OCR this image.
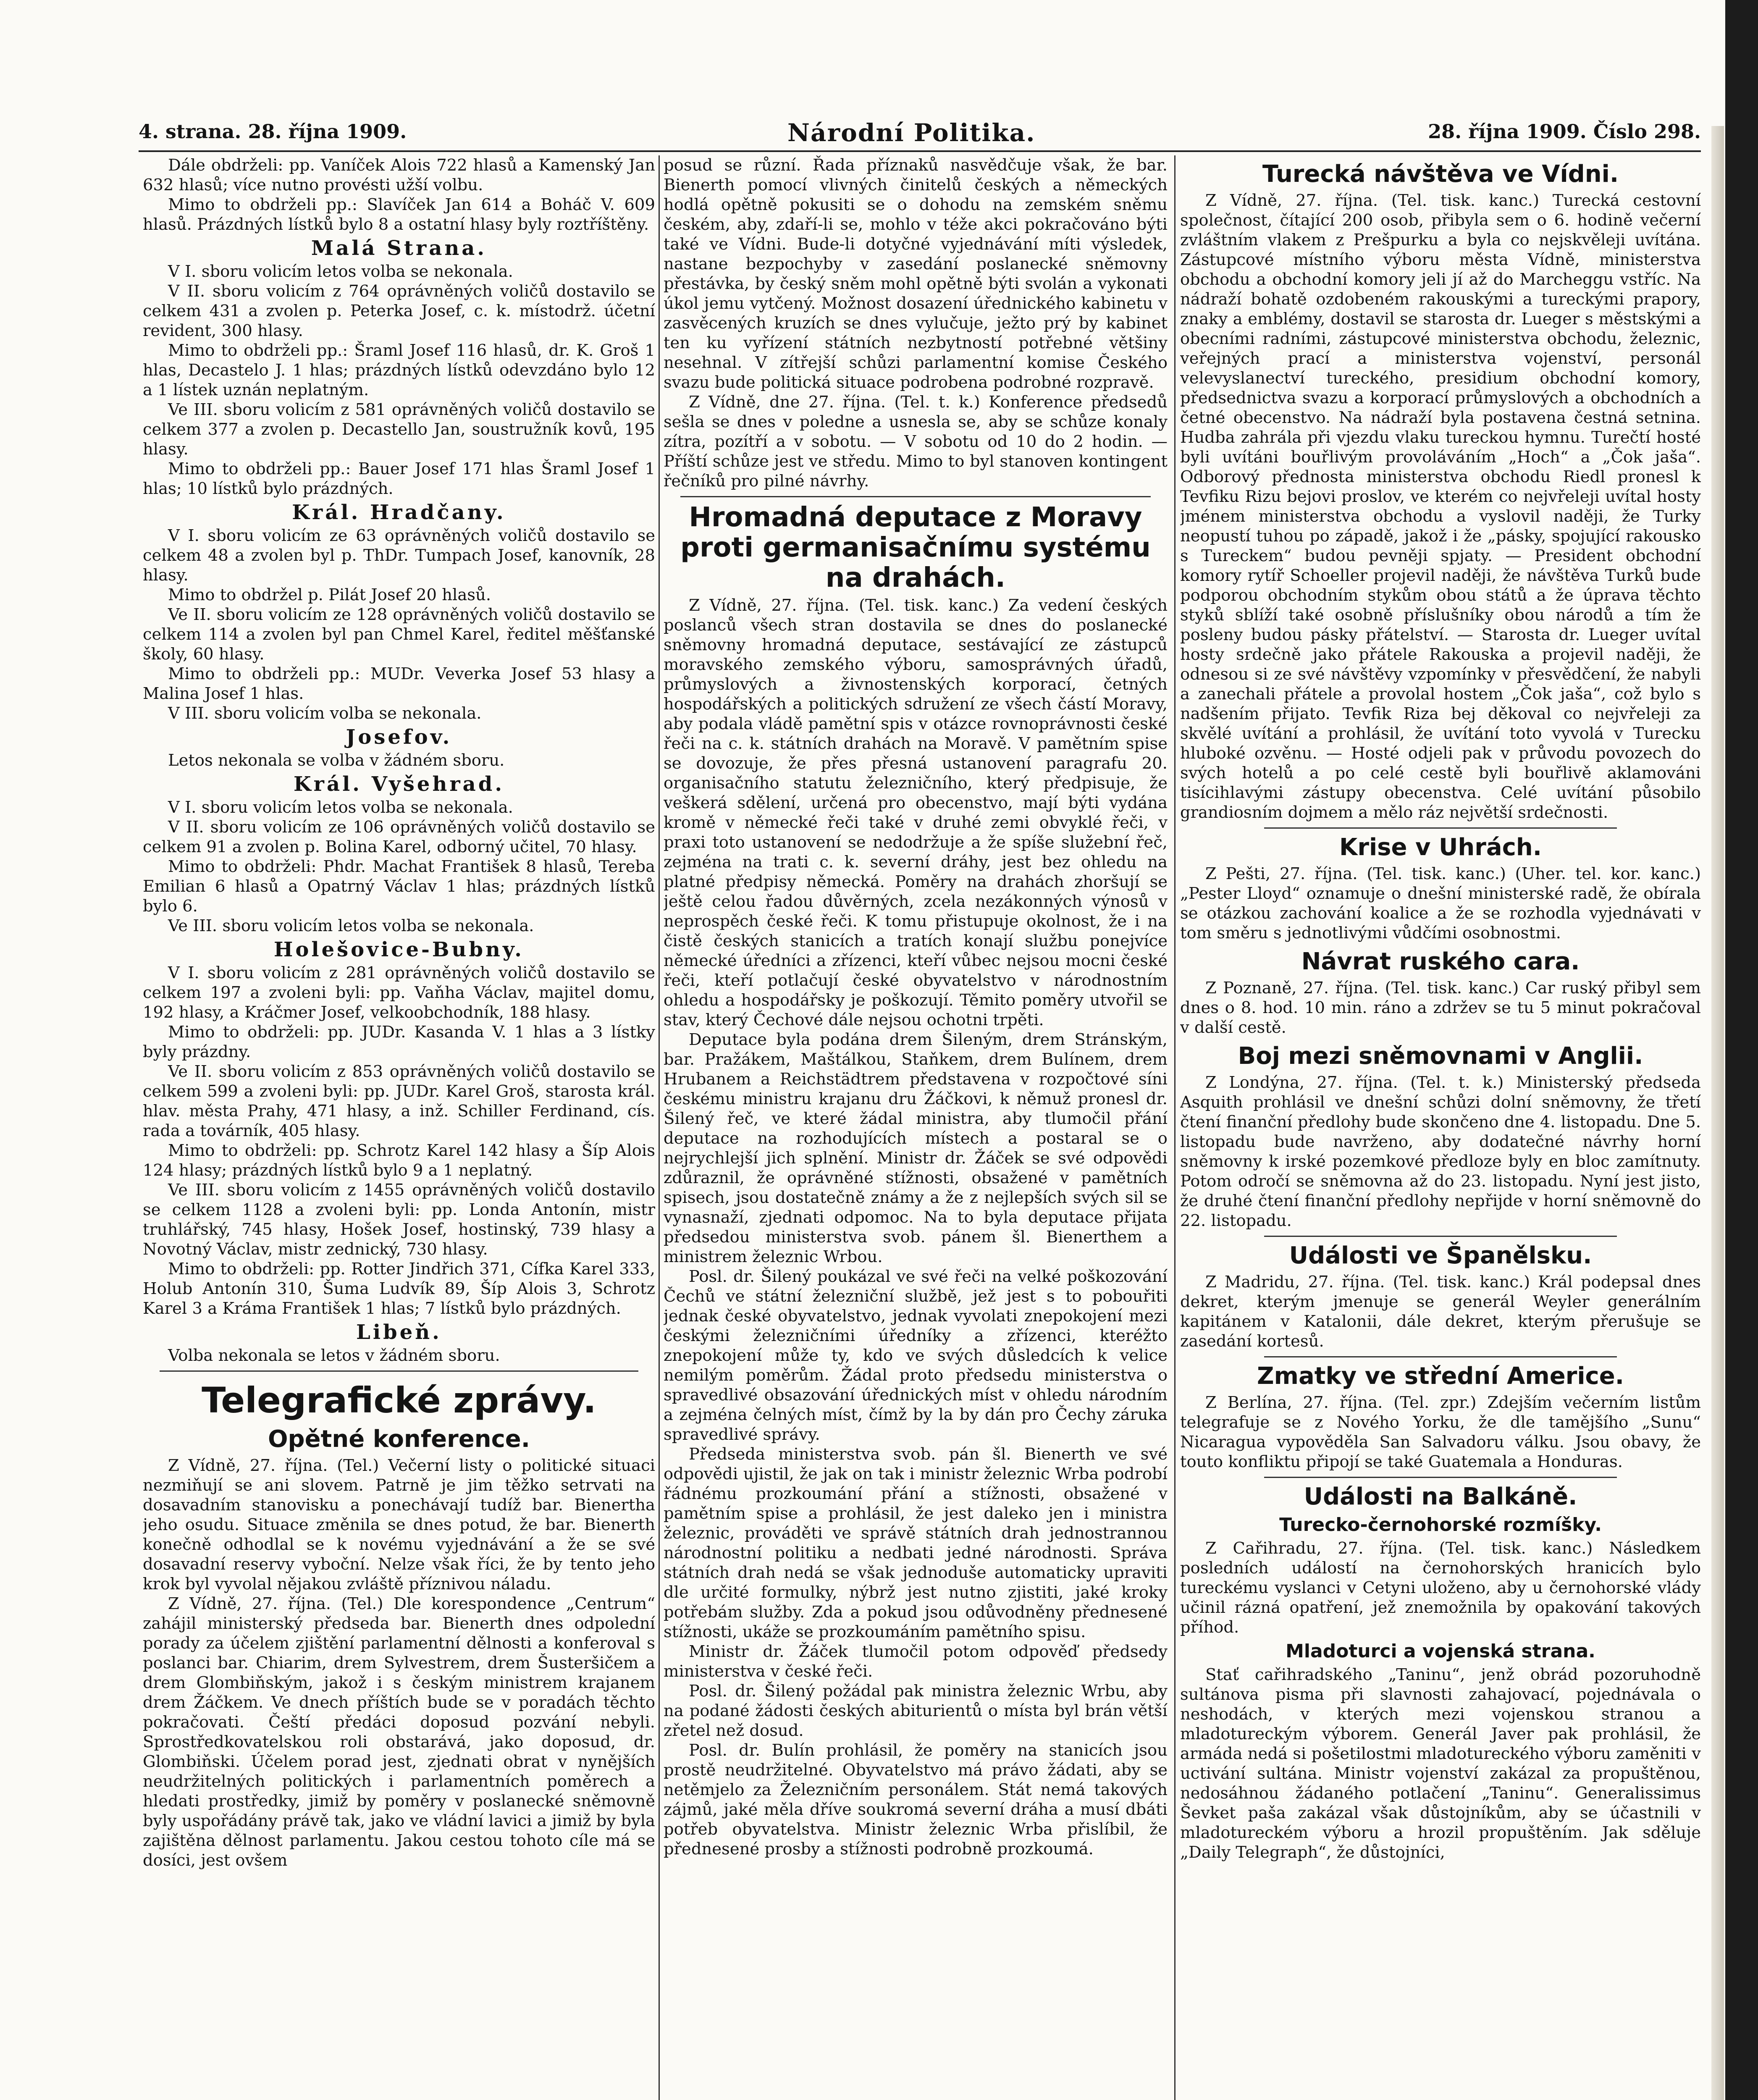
4. strana. 28. října 1909.	Národní Politika.	28. října 1909. Číslo 298.

Dále obdrželi: pp. Vaníček Alois 722 hlasů a Kamenský Jan 632 hlasů; více nutno provésti užší volbu.

Mimo to obdrželi pp.: Slavíček Jan 614 a Boháč V. 609 hlasů. Prázdných lístků bylo 8 a ostatní hlasy byly roztříštěny.

Malá Strana.

V I. sboru volicím letos volba se nekonala.

V II. sboru volicím z 764 oprávněných voličů dostavilo se celkem 431 a zvolen p. Peterka Josef, c. k. místodrž. účetní revident, 300 hlasy.

Mimo to obdrželi pp.: Šraml Josef 116 hlasů, dr. K. Groš 1 hlas, Decastelo J. 1 hlas; prázdných lístků odevzdáno bylo 12 a 1 lístek uznán neplatným.

Ve III. sboru volicím z 581 oprávněných voličů dostavilo se celkem 377 a zvolen p. Decastello Jan, soustružník kovů, 195 hlasy.

Mimo to obdrželi pp.: Bauer Josef 171 hlas Šraml Josef 1 hlas; 10 lístků bylo prázdných.

Král. Hradčany.

V I. sboru volicím ze 63 oprávněných voličů dostavilo se celkem 48 a zvolen byl p. ThDr. Tumpach Josef, kanovník, 28 hlasy.

Mimo to obdržel p. Pilát Josef 20 hlasů.

Ve II. sboru volicím ze 128 oprávněných voličů dostavilo se celkem 114 a zvolen byl pan Chmel Karel, ředitel měšťanské školy, 60 hlasy.

Mimo to obdrželi pp.: MUDr. Veverka Josef 53 hlasy a Malina Josef 1 hlas.

V III. sboru volicím volba se nekonala.

Josefov.

Letos nekonala se volba v žádném sboru.

Král. Vyšehrad.

V I. sboru volicím letos volba se nekonala.

V II. sboru volicím ze 106 oprávněných voličů dostavilo se celkem 91 a zvolen p. Bolina Karel, odborný učitel, 70 hlasy.

Mimo to obdrželi: Phdr. Machat František 8 hlasů, Tereba Emilian 6 hlasů a Opatrný Václav 1 hlas; prázdných lístků bylo 6.

Ve III. sboru volicím letos volba se nekonala.

Holešovice-Bubny.

V I. sboru volicím z 281 oprávněných voličů dostavilo se celkem 197 a zvoleni byli: pp. Vaňha Václav, majitel domu, 192 hlasy, a Kráčmer Josef, velkoobchodník, 188 hlasy.

Mimo to obdrželi: pp. JUDr. Kasanda V. 1 hlas a 3 lístky byly prázdny.

Ve II. sboru volicím z 853 oprávněných voličů dostavilo se celkem 599 a zvoleni byli: pp. JUDr. Karel Groš, starosta král. hlav. města Prahy, 471 hlasy, a inž. Schiller Ferdinand, cís. rada a továrník, 405 hlasy.

Mimo to obdrželi: pp. Schrotz Karel 142 hlasy a Šíp Alois 124 hlasy; prázdných lístků bylo 9 a 1 neplatný.

Ve III. sboru volicím z 1455 oprávněných voličů dostavilo se celkem 1128 a zvoleni byli: pp. Londa Antonín, mistr truhlářský, 745 hlasy, Hošek Josef, hostinský, 739 hlasy a Novotný Václav, mistr zednický, 730 hlasy.

Mimo to obdrželi: pp. Rotter Jindřich 371, Cífka Karel 333, Holub Antonín 310, Šuma Ludvík 89, Šíp Alois 3, Schrotz Karel 3 a Kráma František 1 hlas; 7 lístků bylo prázdných.

Libeň.

Volba nekonala se letos v žádném sboru.

Telegrafické zprávy.
Opětné konference.

Z Vídně, 27. října. (Tel.) Večerní listy o politické situaci nezmiňují se ani slovem. Patrně je jim těžko setrvati na dosavadním stanovisku a ponechávají tudíž bar. Bienertha jeho osudu. Situace změnila se dnes potud, že bar. Bienerth konečně odhodlal se k novému vyjednávání a že se své dosavadní reservy vyboční. Nelze však říci, že by tento jeho krok byl vyvolal nějakou zvláště příznivou náladu.

Z Vídně, 27. října. (Tel.) Dle korespondence „Centrum“ zahájil ministerský předseda bar. Bienerth dnes odpolední porady za účelem zjištění parlamentní dělnosti a konferoval s poslanci bar. Chiarim, drem Sylvestrem, drem Šusteršičem a drem Glombiňským, jakož i s českým ministrem krajanem drem Žáčkem. Ve dnech příštích bude se v poradách těchto pokračovati. Čeští předáci doposud pozvání nebyli. Sprostředkovatelskou roli obstarává, jako doposud, dr. Glombiňski. Účelem porad jest, zjednati obrat v nynějších neudržitelných politických i parlamentních poměrech a hledati prostředky, jimiž by poměry v poslanecké sněmovně byly uspořádány právě tak, jako ve vládní lavici a jimiž by byla zajištěna dělnost parlamentu. Jakou cestou tohoto cíle má se dosíci, jest ovšem

posud se různí. Řada příznaků nasvědčuje však, že bar. Bienerth pomocí vlivných činitelů českých a německých hodlá opětně pokusiti se o dohodu na zemském sněmu českém, aby, zdaří-li se, mohlo v téže akci pokračováno býti také ve Vídni. Bude-li dotyčné vyjednávání míti výsledek, nastane bezpochyby v zasedání poslanecké sněmovny přestávka, by český sněm mohl opětně býti svolán a vykonati úkol jemu vytčený. Možnost dosazení úřednického kabinetu v zasvěcených kruzích se dnes vylučuje, ježto prý by kabinet ten ku vyřízení státních nezbytností potřebné většiny nesehnal. V zítřejší schůzi parlamentní komise Českého svazu bude politická situace podrobena podrobné rozpravě.

Z Vídně, dne 27. října. (Tel. t. k.) Konference předsedů sešla se dnes v poledne a usnesla se, aby se schůze konaly zítra, pozítří a v sobotu. — V sobotu od 10 do 2 hodin. — Příští schůze jest ve středu. Mimo to byl stanoven kontingent řečníků pro pilné návrhy.

Hromadná deputace z Moravy proti germanisačnímu systému na drahách.

Z Vídně, 27. října. (Tel. tisk. kanc.) Za vedení českých poslanců všech stran dostavila se dnes do poslanecké sněmovny hromadná deputace, sestávající ze zástupců moravského zemského výboru, samosprávných úřadů, průmyslových a živnostenských korporací, četných hospodářských a politických sdružení ze všech částí Moravy, aby podala vládě pamětní spis v otázce rovnoprávnosti české řeči na c. k. státních drahách na Moravě. V pamětním spise se dovozuje, že přes přesná ustanovení paragrafu 20. organisačního statutu železničního, který předpisuje, že veškerá sdělení, určená pro obecenstvo, mají býti vydána kromě v německé řeči také v druhé zemi obvyklé řeči, v praxi toto ustanovení se nedodržuje a že spíše služební řeč, zejména na trati c. k. severní dráhy, jest bez ohledu na platné předpisy německá. Poměry na drahách zhoršují se ještě celou řadou důvěrných, zcela nezákonných výnosů v neprospěch české řeči. K tomu přistupuje okolnost, že i na čistě českých stanicích a tratích konají službu ponejvíce německé úředníci a zřízenci, kteří vůbec nejsou mocni české řeči, kteří potlačují české obyvatelstvo v národnostním ohledu a hospodářsky je poškozují. Těmito poměry utvořil se stav, který Čechové dále nejsou ochotni trpěti.

Deputace byla podána drem Šileným, drem Stránským, bar. Pražákem, Maštálkou, Staňkem, drem Bulínem, drem Hrubanem a Reichstädtrem představena v rozpočtové síni českému ministru krajanu dru Žáčkovi, k němuž pronesl dr. Šilený řeč, ve které žádal ministra, aby tlumočil přání deputace na rozhodujících místech a postaral se o nejrychlejší jich splnění. Ministr dr. Žáček se své odpovědi zdůraznil, že oprávněné stížnosti, obsažené v pamětních spisech, jsou dostatečně známy a že z nejlepších svých sil se vynasnaží, zjednati odpomoc. Na to byla deputace přijata předsedou ministerstva svob. pánem šl. Bienerthem a ministrem železnic Wrbou.

Posl. dr. Šilený poukázal ve své řeči na velké poškozování Čechů ve státní železniční službě, jež jest s to pobouřiti jednak české obyvatelstvo, jednak vyvolati znepokojení mezi českými železničními úředníky a zřízenci, kteréžto znepokojení může ty, kdo ve svých důsledcích k velice nemilým poměrům. Žádal proto předsedu ministerstva o spravedlivé obsazování úřednických míst v ohledu národním a zejména čelných míst, čímž by la by dán pro Čechy zárukа spravedlivé správy.

Předseda ministerstva svob. pán šl. Bienerth ve své odpovědi ujistil, že jak on tak i ministr železnic Wrba podrobí řádnému prozkoumání přání a stížnosti, obsažené v pamětním spise a prohlásil, že jest daleko jen i ministra železnic, prováděti ve správě státních drah jednostrannou národnostní politiku a nedbati jedné národnosti. Správa státních drah nedá se však jednoduše automaticky upraviti dle určité formulky, nýbrž jest nutno zjistiti, jaké kroky potřebám služby. Zda a pokud jsou odůvodněny přednesené stížnosti, ukáže se prozkoumáním pamětního spisu.

Ministr dr. Žáček tlumočil potom odpověď předsedy ministerstva v české řeči.

Posl. dr. Šilený požádal pak ministra železnic Wrbu, aby na podané žádosti českých abiturientů o místa byl brán větší zřetel než dosud.

Posl. dr. Bulín prohlásil, že poměry na stanicích jsou prostě neudržitelné. Obyvatelstvo má právo žádati, aby se netěmjelo za Železničním personálem. Stát nemá takových zájmů, jaké měla dříve soukromá severní dráha a musí dbáti potřeb obyvatelstva. Ministr železnic Wrba přislíbil, že přednesené prosby a stížnosti podrobně prozkoumá.

Turecká návštěva ve Vídni.

Z Vídně, 27. října. (Tel. tisk. kanc.) Turecká cestovní společnost, čítající 200 osob, přibyla sem o 6. hodině večerní zvláštním vlakem z Prešpurku a byla co nejskvěleji uvítána. Zástupcové místního výboru města Vídně, ministerstva obchodu a obchodní komory jeli jí až do Marcheggu vstříc. Na nádraží bohatě ozdobeném rakouskými a tureckými prapory, znaky a emblémy, dostavil se starosta dr. Lueger s městskými a obecními radními, zástupcové ministerstva obchodu, železnic, veřejných prací a ministerstva vojenství, personál velevyslanectví tureckého, presidium obchodní komory, předsednictva svazu a korporací průmyslových a obchodních a četné obecenstvo. Na nádraží byla postavena čestná setnina. Hudba zahrála při vjezdu vlaku tureckou hymnu. Turečtí hosté byli uvítáni bouřlivým provoláváním „Hoch“ a „Čok jaša“. Odborový přednosta ministerstva obchodu Riedl pronesl k Tevfiku Rizu bejovi proslov, ve kterém co nejvřeleji uvítal hosty jménem ministerstva obchodu a vyslovil naději, že Turky neopustí tuhou po západě, jakož i že „pásky, spojující rakousko s Tureckem“ budou pevněji spjaty. — President obchodní komory rytíř Schoeller projevil naději, že návštěva Turků bude podporou obchodním stykům obou států a že úprava těchto styků sblíží také osobně příslušníky obou národů a tím že posleny budou pásky přátelství. — Starosta dr. Lueger uvítal hosty srdečně jako přátele Rakouska a projevil naději, že odnesou si ze své návštěvy vzpomínky v přesvědčení, že nabyli a zanechali přátele a provolal hostem „Čok jaša“, což bylo s nadšením přijato. Tevfik Riza bej děkoval co nejvřeleji za skvělé uvítání a prohlásil, že uvítání toto vyvolá v Turecku hluboké ozvěnu. — Hosté odjeli pak v průvodu povozech do svých hotelů a po celé cestě byli bouřlivě aklamováni tisícihlavými zástupy obecenstva. Celé uvítání působilo grandiosním dojmem a mělo ráz největší srdečnosti.

Krise v Uhrách.

Z Pešti, 27. října. (Tel. tisk. kanc.) (Uher. tel. kor. kanc.) „Pester Lloyd“ oznamuje o dnešní ministerské radě, že obírala se otázkou zachování koalice a že se rozhodla vyjednávati v tom směru s jednotlivými vůdčími osobnostmi.

Návrat ruského cara.

Z Poznaně, 27. října. (Tel. tisk. kanc.) Car ruský přibyl sem dnes o 8. hod. 10 min. ráno a zdržev se tu 5 minut pokračoval v další cestě.

Boj mezi sněmovnami v Anglii.

Z Londýna, 27. října. (Tel. t. k.) Ministerský předseda Asquith prohlásil ve dnešní schůzi dolní sněmovny, že třetí čtení finanční předlohy bude skončeno dne 4. listopadu. Dne 5. listopadu bude navrženo, aby dodatečné návrhy horní sněmovny k irské pozemkové předloze byly en bloc zamítnuty. Potom odročí se sněmovna až do 23. listopadu. Nyní jest jisto, že druhé čtení finanční předlohy nepřijde v horní sněmovně do 22. listopadu.

Události ve Španělsku.

Z Madridu, 27. října. (Tel. tisk. kanc.) Král podepsal dnes dekret, kterým jmenuje se generál Weyler generálním kapitánem v Katalonii, dále dekret, kterým přerušuje se zasedání kortesů.

Zmatky ve střední Americe.

Z Berlína, 27. října. (Tel. zpr.) Zdejším večerním listům telegrafuje se z Nového Yorku, že dle tamějšího „Sunu“ Nicaragua vypověděla San Salvadoru válku. Jsou obavy, že touto konfliktu připojí se také Guatemala a Honduras.

Události na Balkáně.
Turecko-černohorské rozmíšky.

Z Cařihradu, 27. října. (Tel. tisk. kanc.) Následkem posledních událostí na černohorských hranicích bylo tureckému vyslanci v Cetyni uloženo, aby u černohorské vlády učinil rázná opatření, jež znemožnila by opakování takových příhod.

Mladoturci a vojenská strana.

Stať cařihradského „Taninu“, jenž obrád pozoruhodně sultánova pisma při slavnosti zahajovací, pojednávala o neshodách, v kterých mezi vojenskou stranou a mladotureckým výborem. Generál Javer pak prohlásil, že armáda nedá si pošetilostmi mladotureckého výboru zaměniti v uctivání sultána. Ministr vojenství zakázal za propuštěnou, nedosáhnou žádaného potlačení „Taninu“. Generalissimus Ševket paša zakázal však důstojníkům, aby se účastnili v mladotureckém výboru a hrozil propuštěním. Jak sděluje „Daily Telegraph“, že důstojníci,
